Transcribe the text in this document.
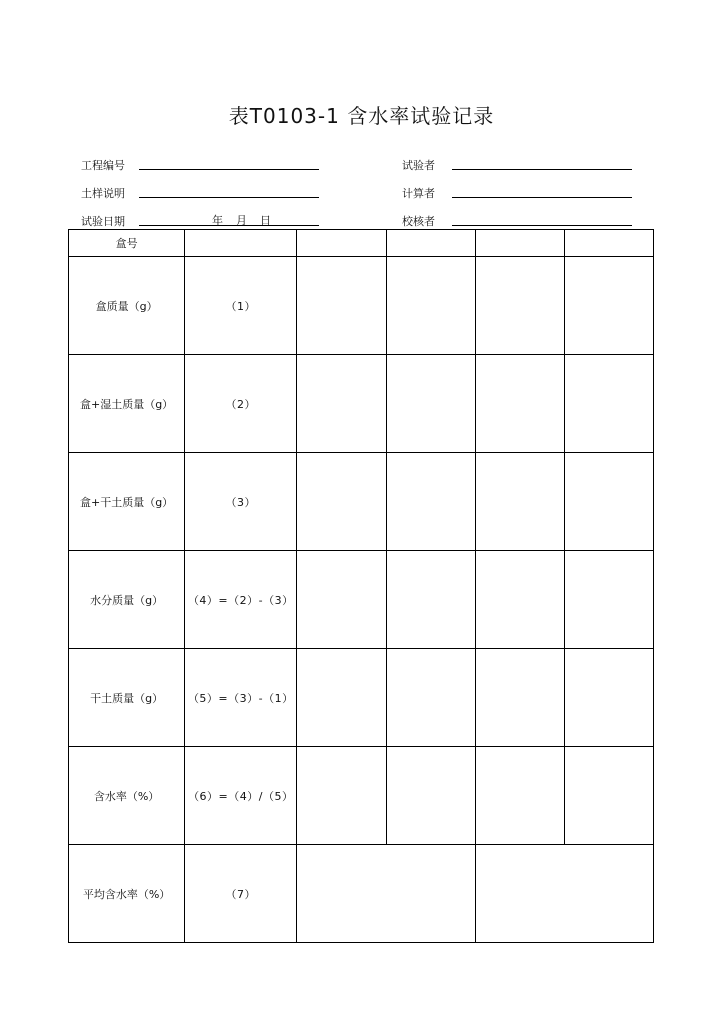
表T0103-1 含水率试验记录
工程编号
土样说明
试验日期	年 月 日
试验者
计算者
校核者
盒号					
盒质量（g）	（1）				
盒+湿土质量（g）	（2）				
盒+干土质量（g）	（3）				
水分质量（g）	（4）=（2）-（3）				
干土质量（g）	（5）=（3）-（1）				
含水率（%）	（6）=（4）/（5）				
平均含水率（%）	（7）				
